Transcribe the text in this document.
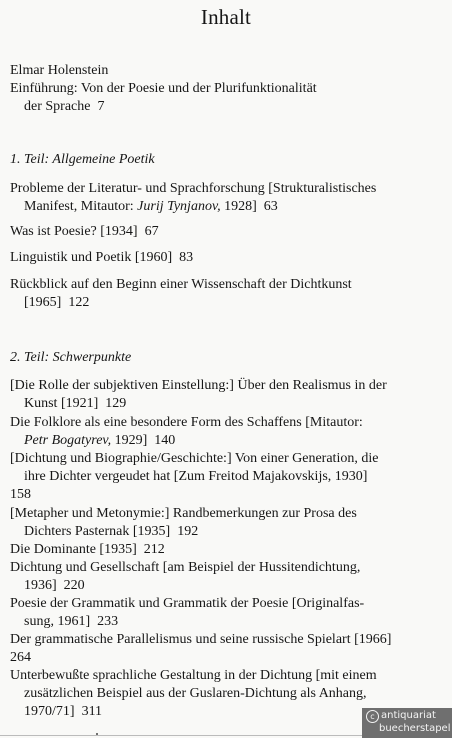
Inhalt
Elmar Holenstein
Einführung: Von der Poesie und der Plurifunktionalität
der Sprache 7
1. Teil: Allgemeine Poetik
Probleme der Literatur- und Sprachforschung [Strukturalistisches
Manifest, Mitautor: Jurij Tynjanov, 1928] 63
Was ist Poesie? [1934] 67
Linguistik und Poetik [1960] 83
Rückblick auf den Beginn einer Wissenschaft der Dichtkunst
[1965] 122
2. Teil: Schwerpunkte
[Die Rolle der subjektiven Einstellung:] Über den Realismus in der
Kunst [1921] 129
Die Folklore als eine besondere Form des Schaffens [Mitautor:
Petr Bogatyrev, 1929] 140
[Dichtung und Biographie/Geschichte:] Von einer Generation, die
ihre Dichter vergeudet hat [Zum Freitod Majakovskijs, 1930]
158
[Metapher und Metonymie:] Randbemerkungen zur Prosa des
Dichters Pasternak [1935] 192
Die Dominante [1935] 212
Dichtung und Gesellschaft [am Beispiel der Hussitendichtung,
1936] 220
Poesie der Grammatik und Grammatik der Poesie [Originalfas-
sung, 1961] 233
Der grammatische Parallelismus und seine russische Spielart [1966]
264
Unterbewußte sprachliche Gestaltung in der Dichtung [mit einem
zusätzlichen Beispiel aus der Guslaren-Dichtung als Anhang,
1970/71] 311	c antiquariat
buecherstapel
